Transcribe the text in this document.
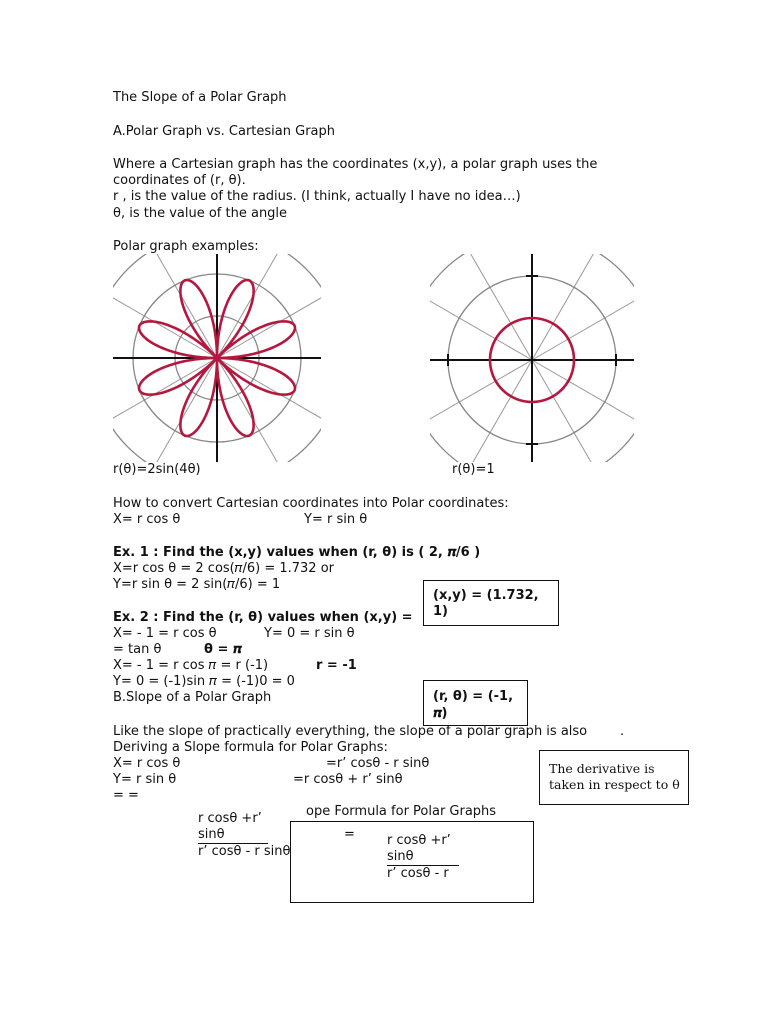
The Slope of a Polar Graph
A.Polar Graph vs. Cartesian Graph
Where a Cartesian graph has the coordinates (x,y), a polar graph uses the
coordinates of (r, θ).
r , is the value of the radius. (I think, actually I have no idea…)
θ, is the value of the angle
Polar graph examples:
r(θ)=2sin(4θ)	r(θ)=1
How to convert Cartesian coordinates into Polar coordinates:
X= r cos θ	Y= r sin θ
Ex. 1 : Find the (x,y) values when (r, θ) is ( 2, 𝝅/6 )
X=r cos θ = 2 cos(𝜋/6) = 1.732 or
Y=r sin θ = 2 sin(𝜋/6) = 1
Ex. 2 : Find the (r, θ) values when (x,y) =
X= - 1 = r cos θ	Y= 0 = r sin θ
= tan θ	θ = 𝝅
X= - 1 = r cos 𝜋 = r (-1)	r = -1
Y= 0 = (-1)sin 𝜋 = (-1)0 = 0
B.Slope of a Polar Graph
(x,y) = (1.732,
1)
(r, θ) = (-1,
𝝅)
Like the slope of practically everything, the slope of a polar graph is also	.
Deriving a Slope formula for Polar Graphs:
X= r cos θ	=r’ cosθ - r sinθ
Y= r sin θ	=r cosθ + r’ sinθ
= =
r cosθ +r’
sinθ
r’ cosθ - r sinθ
The derivative is
taken in respect to θ
= r cosθ +r’
sinθ
r’ cosθ - r
ope Formula for Polar Graphs
